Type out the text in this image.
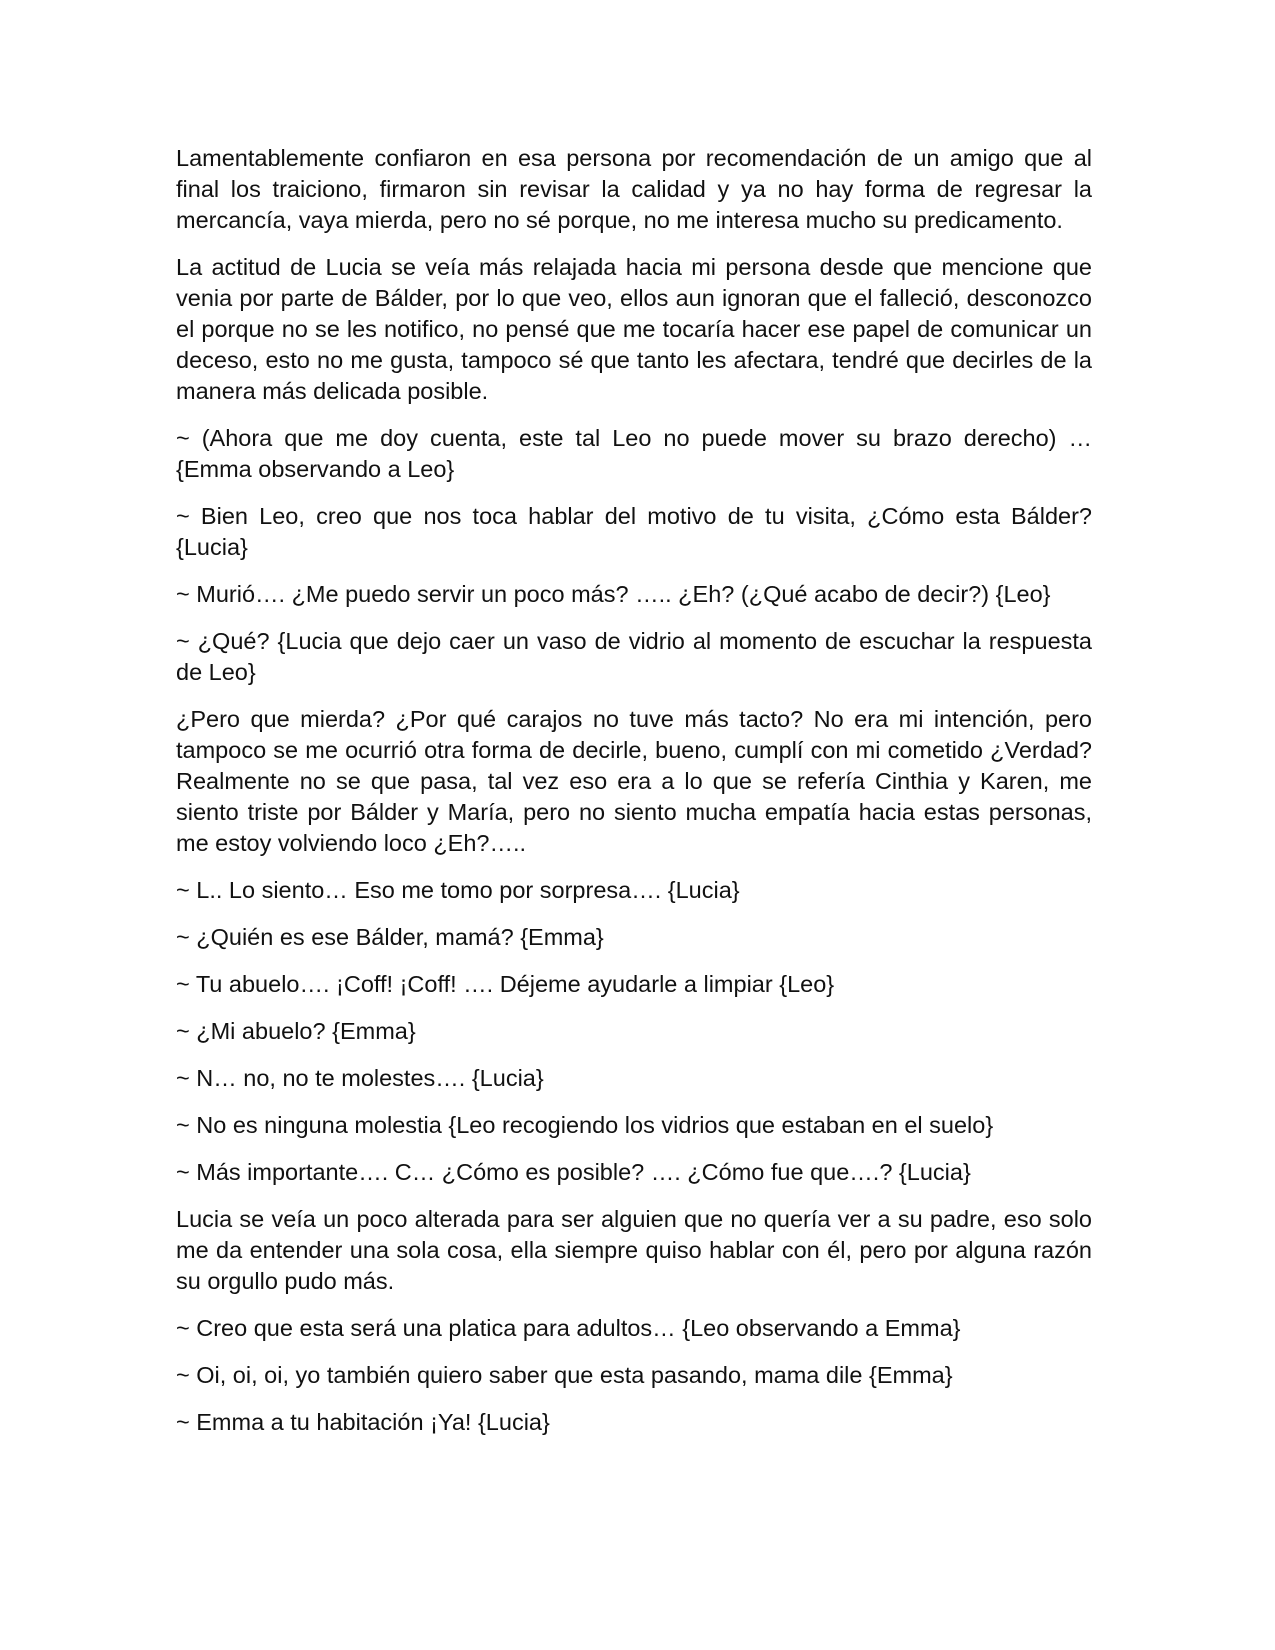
Lamentablemente confiaron en esa persona por recomendación de un amigo que al final los traiciono, firmaron sin revisar la calidad y ya no hay forma de regresar la mercancía, vaya mierda, pero no sé porque, no me interesa mucho su predicamento.

La actitud de Lucia se veía más relajada hacia mi persona desde que mencione que venia por parte de Bálder, por lo que veo, ellos aun ignoran que el falleció, desconozco el porque no se les notifico, no pensé que me tocaría hacer ese papel de comunicar un deceso, esto no me gusta, tampoco sé que tanto les afectara, tendré que decirles de la manera más delicada posible.

~ (Ahora que me doy cuenta, este tal Leo no puede mover su brazo derecho) … {Emma observando a Leo}

~ Bien Leo, creo que nos toca hablar del motivo de tu visita, ¿Cómo esta Bálder? {Lucia}

~ Murió…. ¿Me puedo servir un poco más? ….. ¿Eh? (¿Qué acabo de decir?) {Leo}

~ ¿Qué? {Lucia que dejo caer un vaso de vidrio al momento de escuchar la respuesta de Leo}

¿Pero que mierda? ¿Por qué carajos no tuve más tacto? No era mi intención, pero tampoco se me ocurrió otra forma de decirle, bueno, cumplí con mi cometido ¿Verdad? Realmente no se que pasa, tal vez eso era a lo que se refería Cinthia y Karen, me siento triste por Bálder y María, pero no siento mucha empatía hacia estas personas, me estoy volviendo loco ¿Eh?…..

~ L.. Lo siento… Eso me tomo por sorpresa…. {Lucia}

~ ¿Quién es ese Bálder, mamá? {Emma}

~ Tu abuelo…. ¡Coff! ¡Coff! …. Déjeme ayudarle a limpiar {Leo}

~ ¿Mi abuelo? {Emma}

~ N… no, no te molestes…. {Lucia}

~ No es ninguna molestia {Leo recogiendo los vidrios que estaban en el suelo}

~ Más importante…. C… ¿Cómo es posible? …. ¿Cómo fue que….? {Lucia}

Lucia se veía un poco alterada para ser alguien que no quería ver a su padre, eso solo me da entender una sola cosa, ella siempre quiso hablar con él, pero por alguna razón su orgullo pudo más.

~ Creo que esta será una platica para adultos… {Leo observando a Emma}

~ Oi, oi, oi, yo también quiero saber que esta pasando, mama dile {Emma}

~ Emma a tu habitación ¡Ya! {Lucia}
